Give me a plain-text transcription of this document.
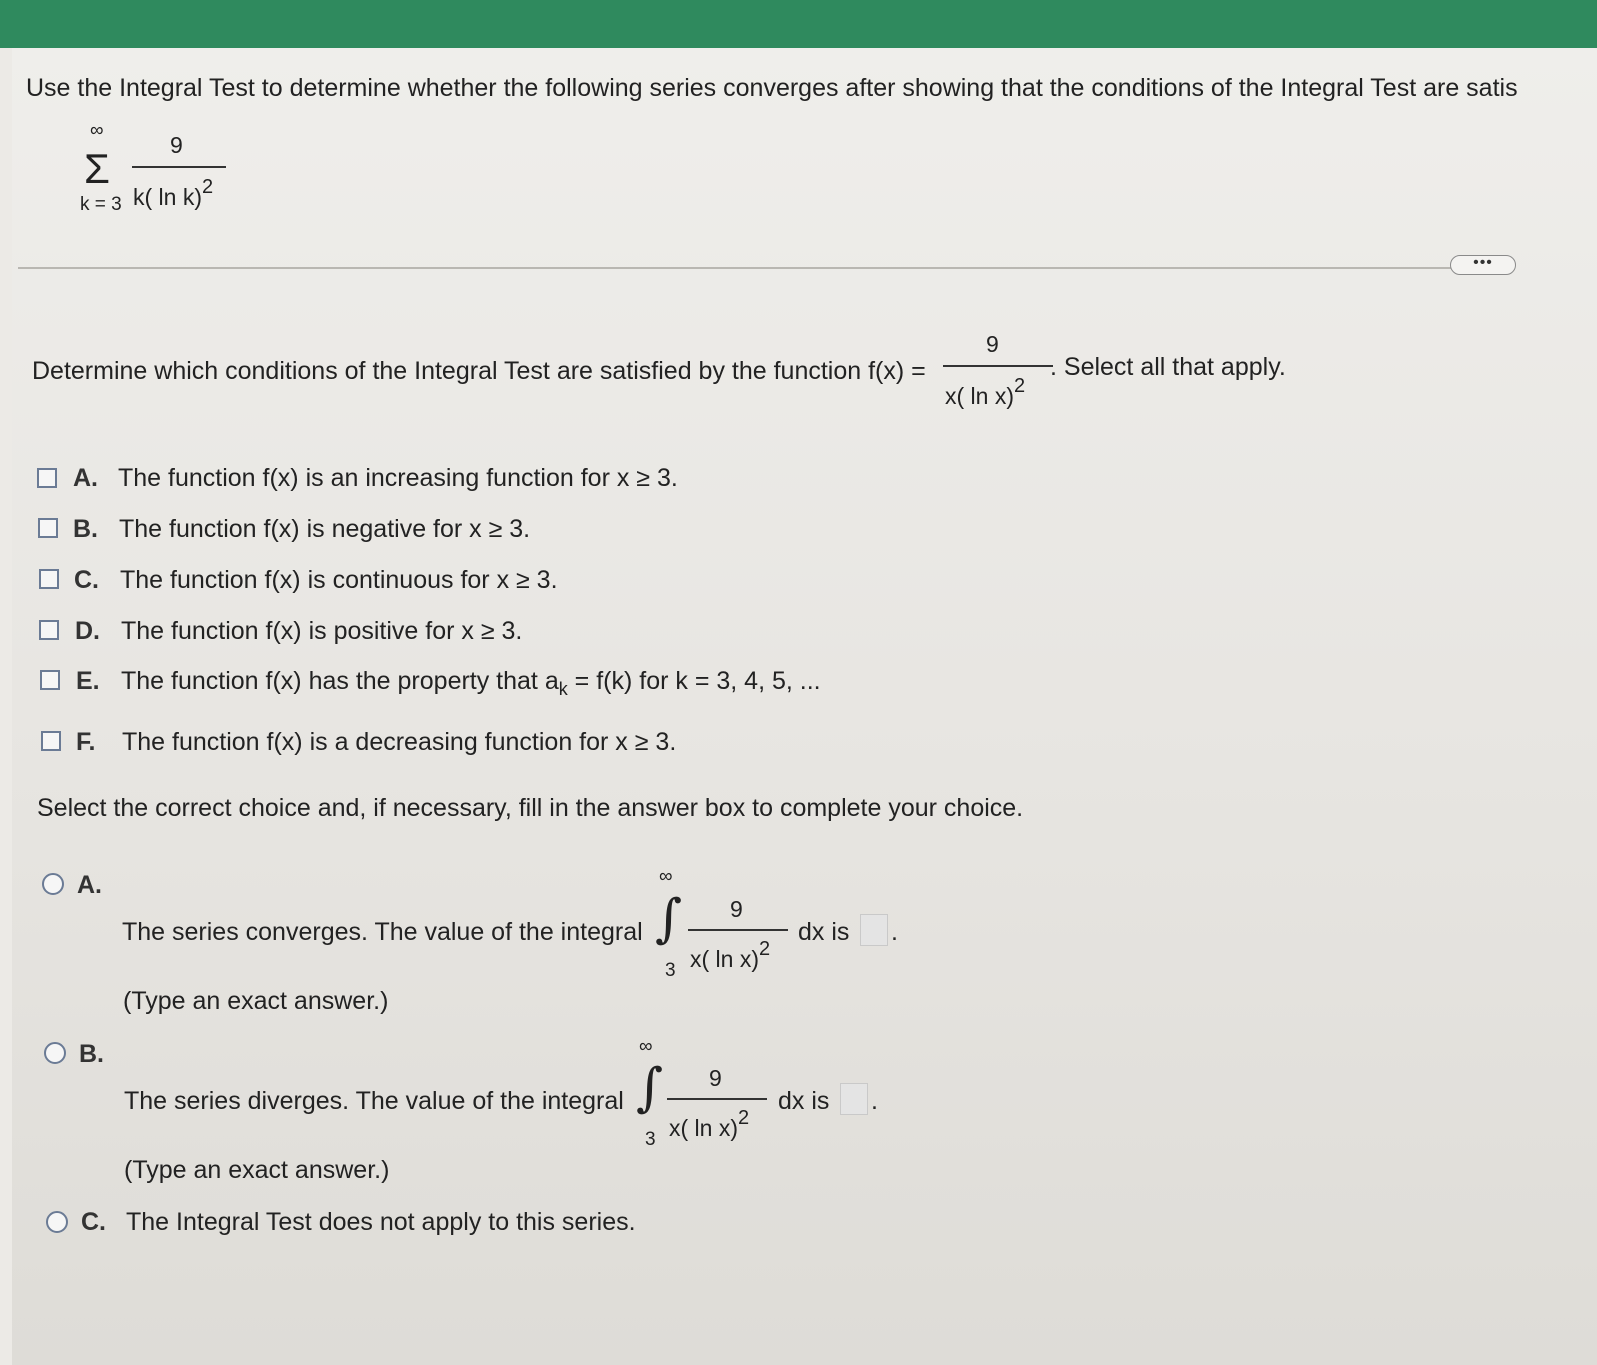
Use the Integral Test to determine whether the following series converges after showing that the conditions of the Integral Test are satis
∞
Σ
k = 3
9
k( ln k)2
•••
Determine which conditions of the Integral Test are satisfied by the function f(x) =
9
x( ln x)2
. Select all that apply.
A. The function f(x) is an increasing function for x ≥ 3.
B. The function f(x) is negative for x ≥ 3.
C. The function f(x) is continuous for x ≥ 3.
D. The function f(x) is positive for x ≥ 3.
E. The function f(x) has the property that $a_k = f(k)$ for k = 3, 4, 5, ...
F. The function f(x) is a decreasing function for x ≥ 3.
Select the correct choice and, if necessary, fill in the answer box to complete your choice.
A.
The series converges. The value of the integral
∞
∫
3
9
x( ln x)2
dx is .
(Type an exact answer.)
B.
The series diverges. The value of the integral
∞
∫
3
9
x( ln x)2
dx is .
(Type an exact answer.)
C. The Integral Test does not apply to this series.
